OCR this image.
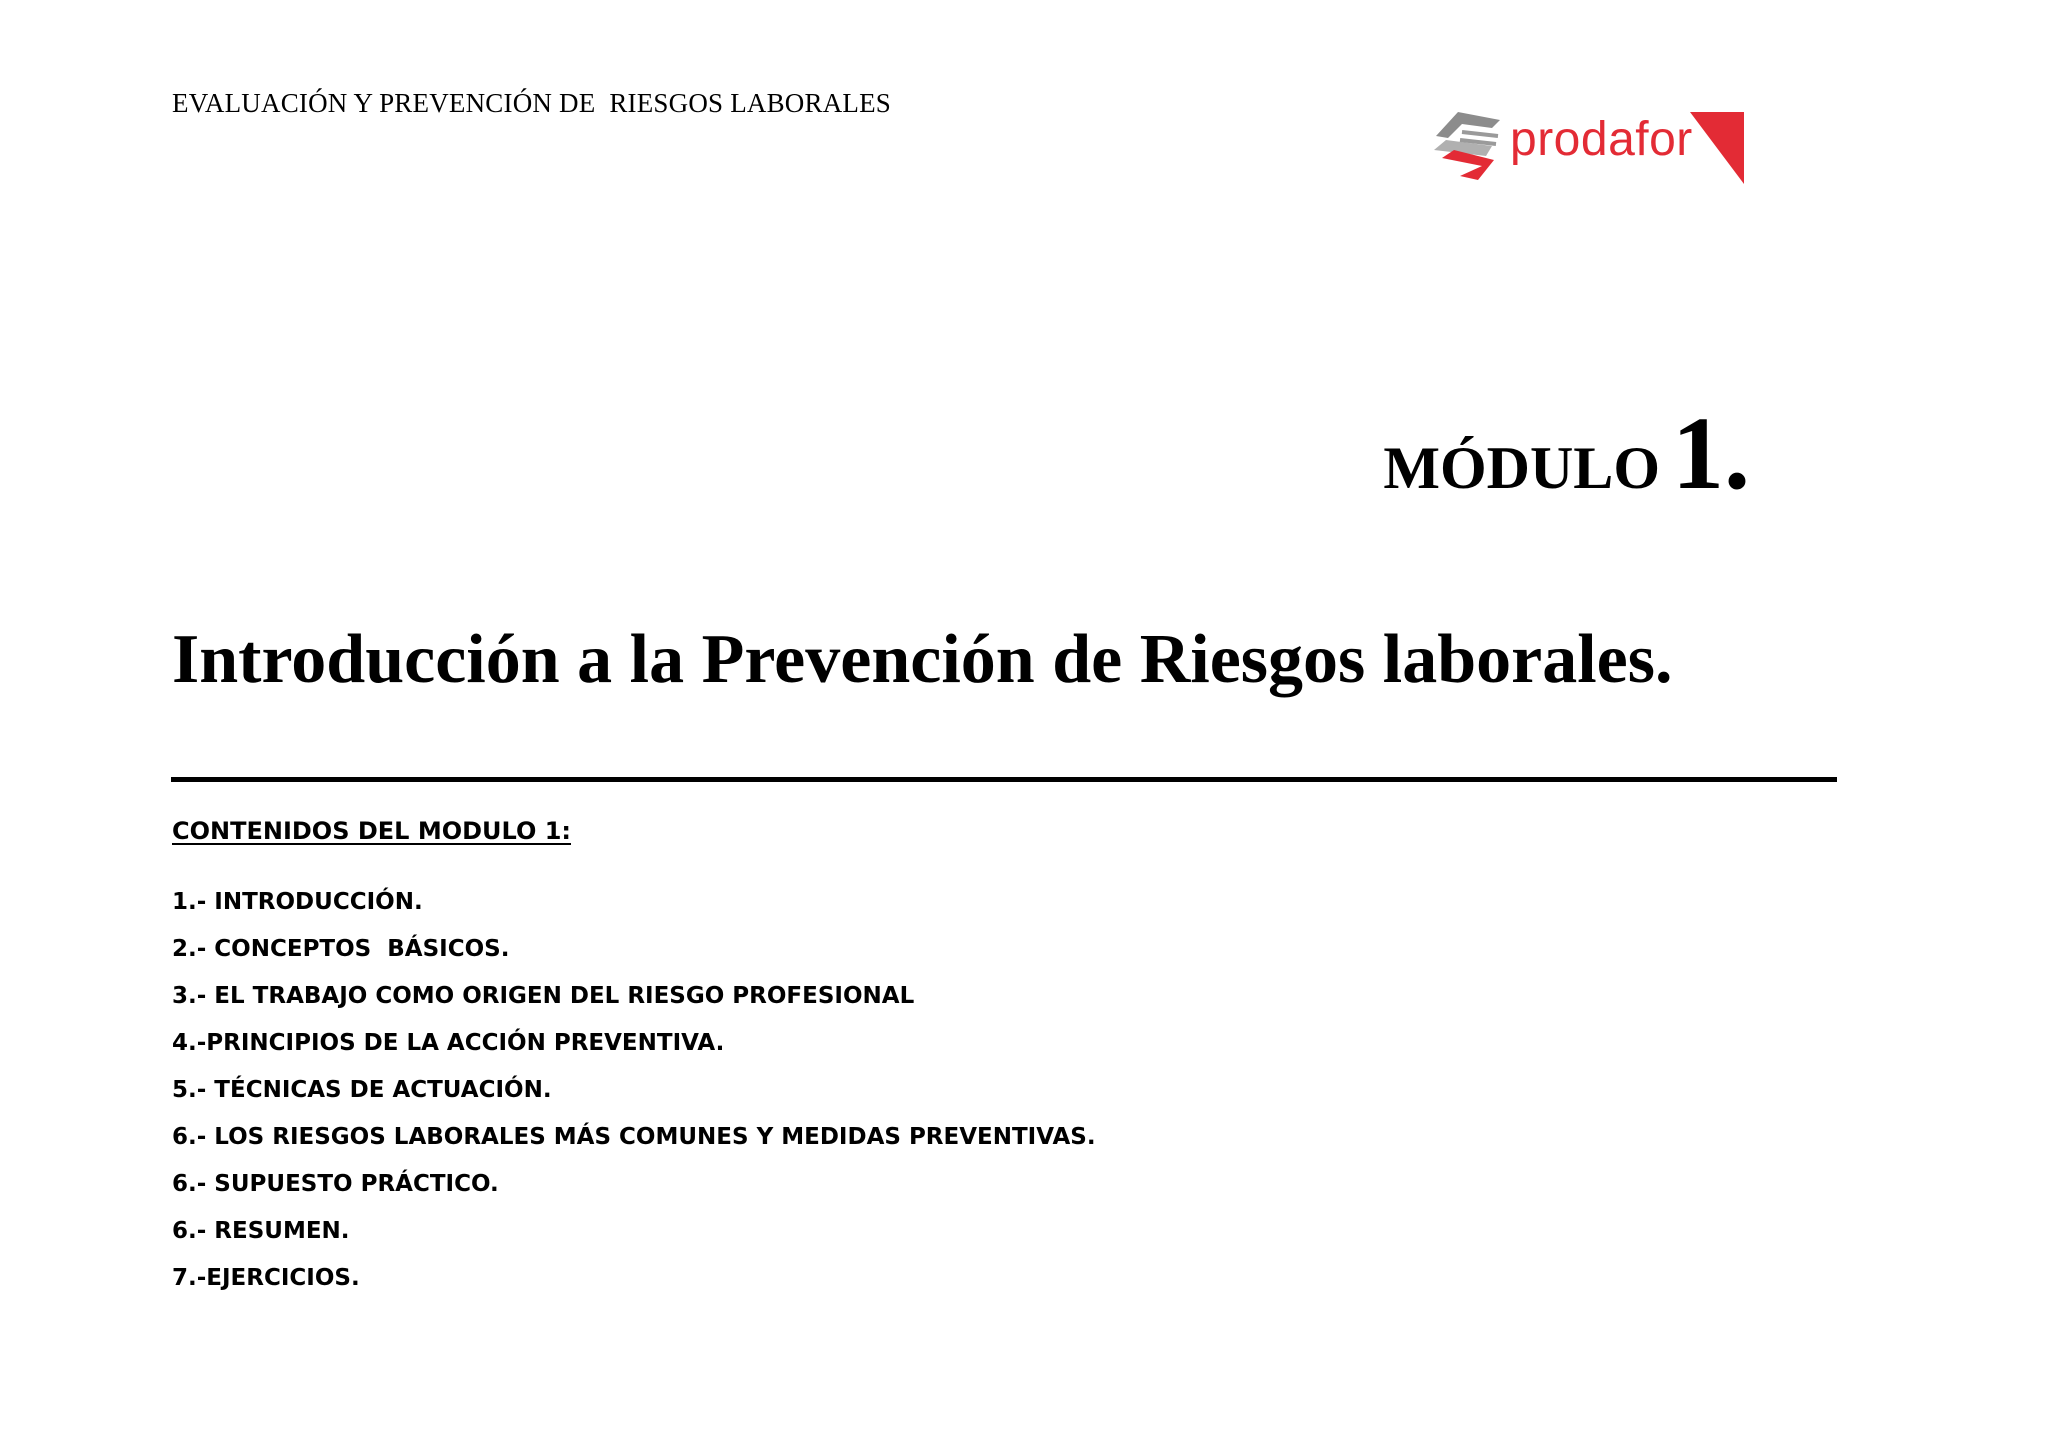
EVALUACIÓN Y PREVENCIÓN DE  RIESGOS LABORALES
prodafor
MÓDULO 1.
Introducción a la Prevención de Riesgos laborales.
CONTENIDOS DEL MODULO 1:
1.- INTRODUCCIÓN.
2.- CONCEPTOS  BÁSICOS.
3.- EL TRABAJO COMO ORIGEN DEL RIESGO PROFESIONAL
4.-PRINCIPIOS DE LA ACCIÓN PREVENTIVA.
5.- TÉCNICAS DE ACTUACIÓN.
6.- LOS RIESGOS LABORALES MÁS COMUNES Y MEDIDAS PREVENTIVAS.
6.- SUPUESTO PRÁCTICO.
6.- RESUMEN.
7.-EJERCICIOS.
